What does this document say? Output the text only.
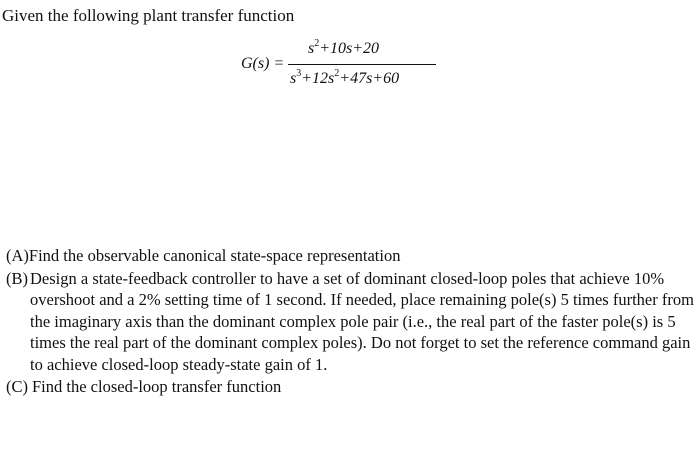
Given the following plant transfer function

G(s) =
$s^2+10s+20$
$s^3+12s^2+47s+60$
(A) Find the observable canonical state-space representation
(B) Design a state-feedback controller to have a set of dominant closed-loop poles that achieve 10% overshoot and a 2% setting time of 1 second. If needed, place remaining pole(s) 5 times further from the imaginary axis than the dominant complex pole pair (i.e., the real part of the faster pole(s) is 5 times the real part of the dominant complex poles). Do not forget to set the reference command gain to achieve closed-loop steady-state gain of 1.
(C) Find the closed-loop transfer function
